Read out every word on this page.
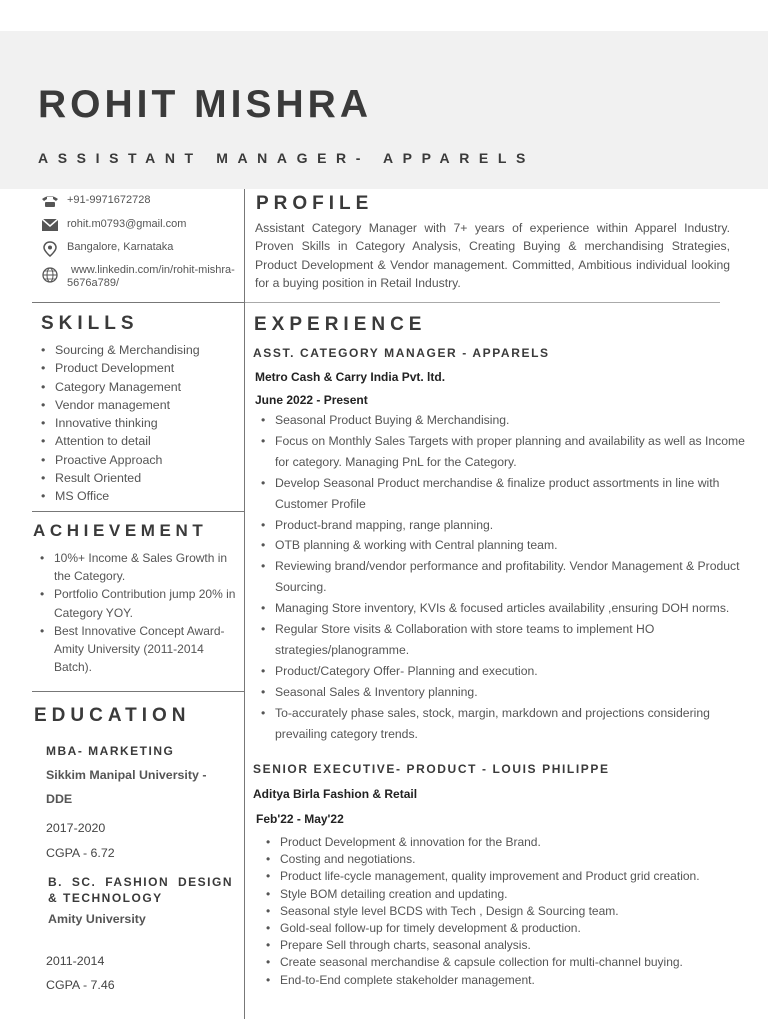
ROHIT MISHRA
ASSISTANT MANAGER- APPARELS
+91-9971672728
rohit.m0793@gmail.com
Bangalore, Karnataka
www.linkedin.com/in/rohit-mishra-5676a789/
PROFILE
Assistant Category Manager with 7+ years of experience within Apparel Industry. Proven Skills in Category Analysis, Creating Buying & merchandising Strategies, Product Development & Vendor management. Committed, Ambitious individual looking for a buying position in Retail Industry.
SKILLS
• Sourcing & Merchandising
• Product Development
• Category Management
• Vendor management
• Innovative thinking
• Attention to detail
• Proactive Approach
• Result Oriented
• MS Office
ACHIEVEMENT
• 10%+ Income & Sales Growth in the Category.
• Portfolio Contribution jump 20% in Category YOY.
• Best Innovative Concept Award-Amity University (2011-2014 Batch).
EDUCATION
MBA- MARKETING
Sikkim Manipal University - DDE
2017-2020
CGPA - 6.72
B. SC. FASHION DESIGN & TECHNOLOGY
Amity University
2011-2014
CGPA - 7.46
EXPERIENCE
ASST. CATEGORY MANAGER - APPARELS
Metro Cash & Carry India Pvt. ltd.
June 2022 - Present
• Seasonal Product Buying & Merchandising.
• Focus on Monthly Sales Targets with proper planning and availability as well as Income for category. Managing PnL for the Category.
• Develop Seasonal Product merchandise & finalize product assortments in line with Customer Profile
• Product-brand mapping, range planning.
• OTB planning & working with Central planning team.
• Reviewing brand/vendor performance and profitability. Vendor Management & Product Sourcing.
• Managing Store inventory, KVIs & focused articles availability ,ensuring DOH norms.
• Regular Store visits & Collaboration with store teams to implement HO strategies/planogramme.
• Product/Category Offer- Planning and execution.
• Seasonal Sales & Inventory planning.
• To-accurately phase sales, stock, margin, markdown and projections considering prevailing category trends.
SENIOR EXECUTIVE- PRODUCT - LOUIS PHILIPPE
Aditya Birla Fashion & Retail
Feb'22 - May'22
• Product Development & innovation for the Brand.
• Costing and negotiations.
• Product life-cycle management, quality improvement and Product grid creation.
• Style BOM detailing creation and updating.
• Seasonal style level BCDS with Tech , Design & Sourcing team.
• Gold-seal follow-up for timely development & production.
• Prepare Sell through charts, seasonal analysis.
• Create seasonal merchandise & capsule collection for multi-channel buying.
• End-to-End complete stakeholder management.
